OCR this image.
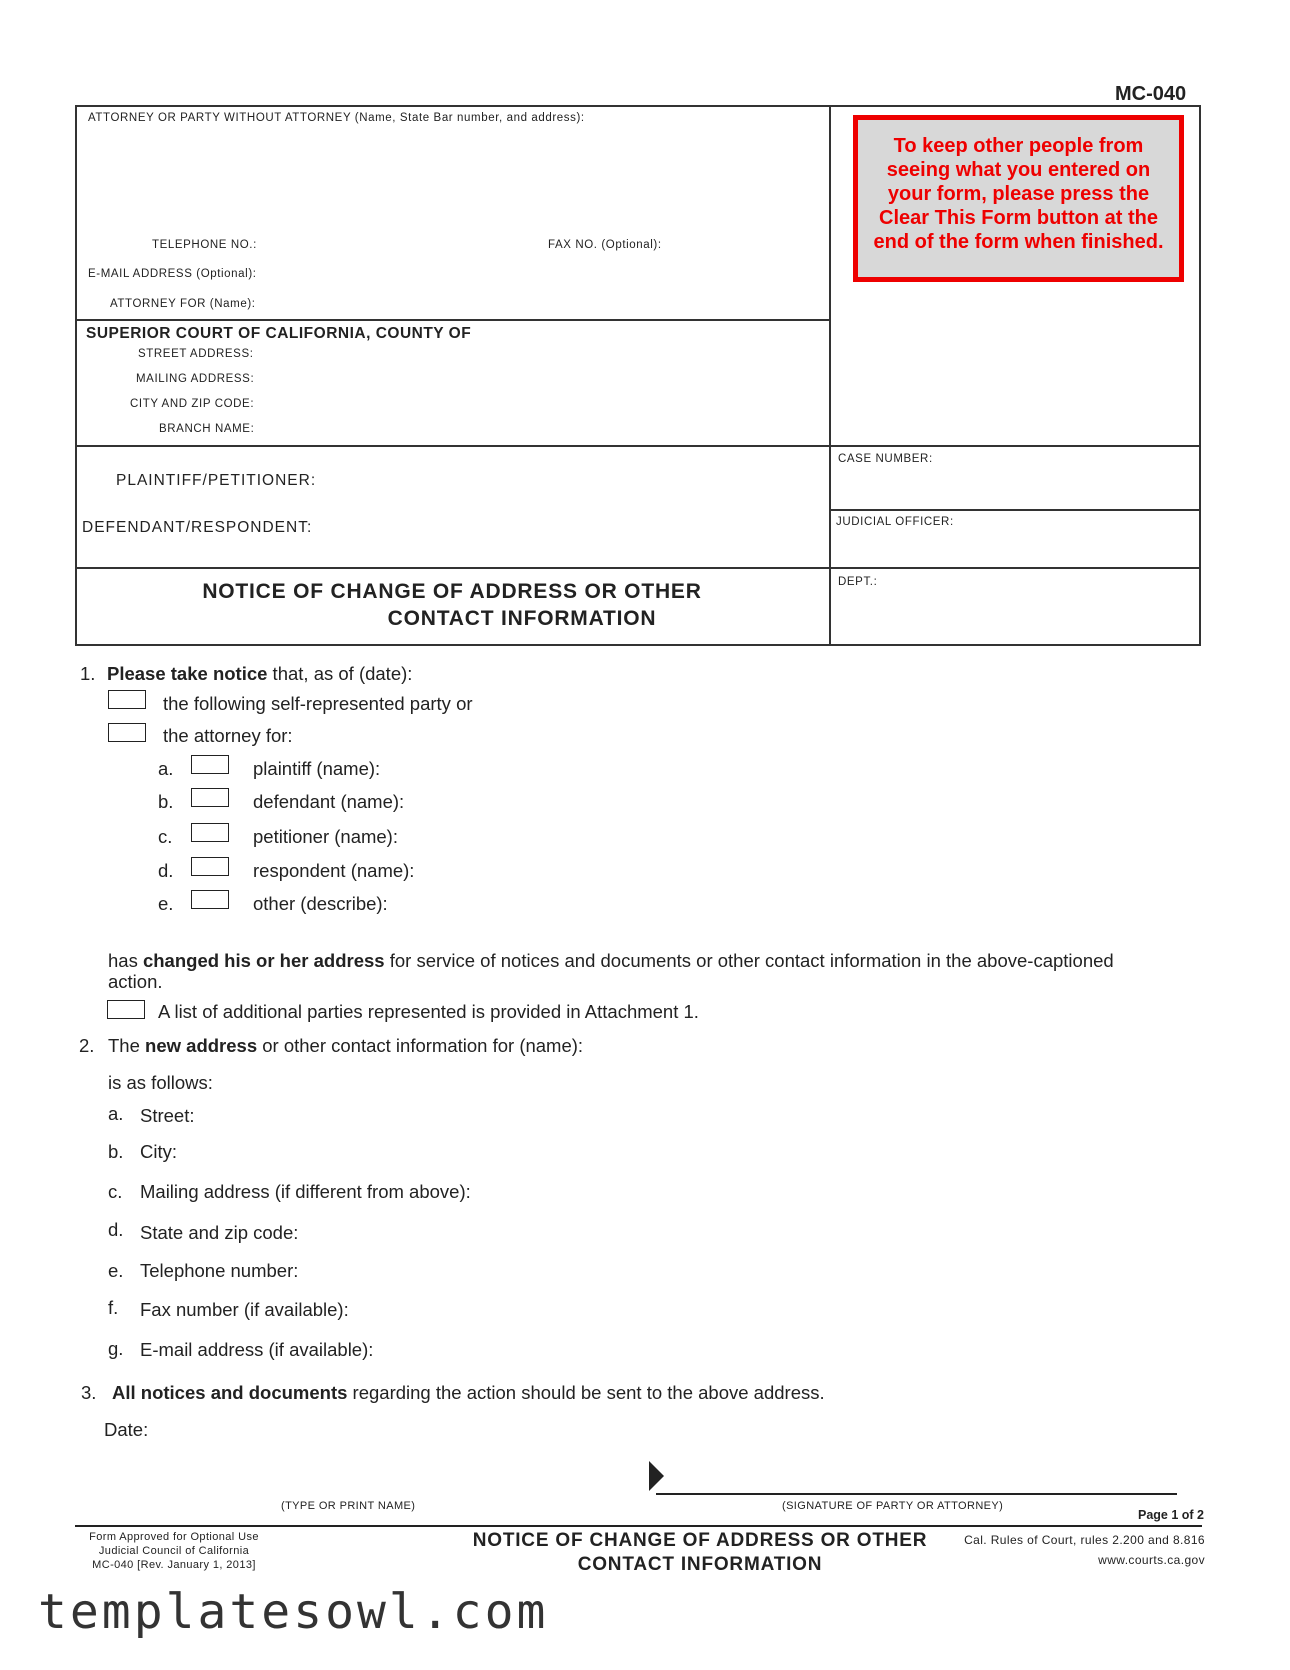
MC-040
ATTORNEY OR PARTY WITHOUT ATTORNEY (Name, State Bar number, and address):
TELEPHONE NO.:	FAX NO. (Optional):
E-MAIL ADDRESS (Optional):
ATTORNEY FOR (Name):
SUPERIOR COURT OF CALIFORNIA, COUNTY OF
STREET ADDRESS:
MAILING ADDRESS:
CITY AND ZIP CODE:
BRANCH NAME:
PLAINTIFF/PETITIONER:
DEFENDANT/RESPONDENT:
CASE NUMBER:
JUDICIAL OFFICER:
DEPT.:
NOTICE OF CHANGE OF ADDRESS OR OTHER
CONTACT INFORMATION
To keep other people from
seeing what you entered on
your form, please press the
Clear This Form button at the
end of the form when finished.
1. Please take notice that, as of (date):
the following self-represented party or
the attorney for:
a.	plaintiff (name):
b.	defendant (name):
c.	petitioner (name):
d.	respondent (name):
e.	other (describe):
has changed his or her address for service of notices and documents or other contact information in the above-captioned
action.
A list of additional parties represented is provided in Attachment 1.
2. The new address or other contact information for (name):
is as follows:
a. Street:
b. City:
c. Mailing address (if different from above):
d. State and zip code:
e. Telephone number:
f. Fax number (if available):
g. E-mail address (if available):
3. All notices and documents regarding the action should be sent to the above address.
Date:
(TYPE OR PRINT NAME)	(SIGNATURE OF PARTY OR ATTORNEY)
Page 1 of 2
Form Approved for Optional Use
Judicial Council of California
MC-040 [Rev. January 1, 2013]
NOTICE OF CHANGE OF ADDRESS OR OTHER
CONTACT INFORMATION
Cal. Rules of Court, rules 2.200 and 8.816
www.courts.ca.gov
templatesowl.com
